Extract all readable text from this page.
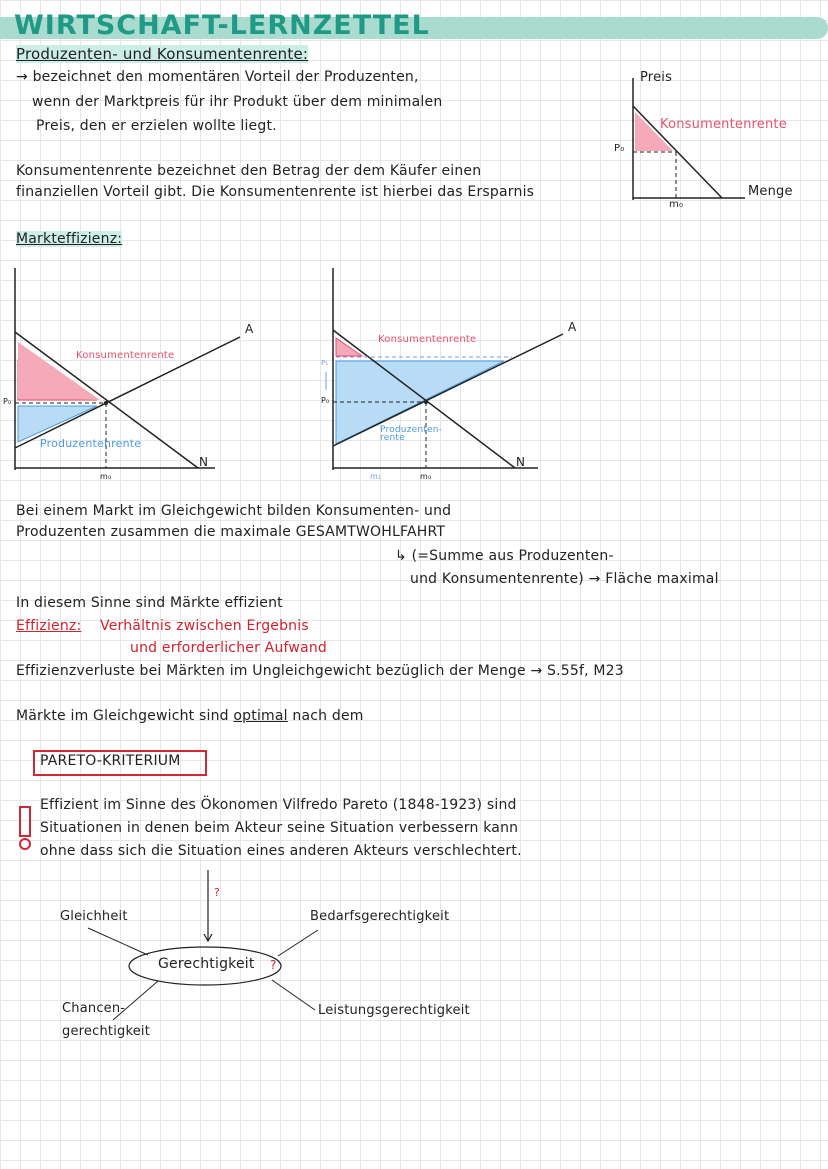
WIRTSCHAFT-LERNZETTEL
Produzenten- und Konsumentenrente:
→ bezeichnet den momentären Vorteil der Produzenten,
wenn der Marktpreis für ihr Produkt über dem minimalen
Preis, den er erzielen wollte liegt.
Konsumentenrente bezeichnet den Betrag der dem Käufer einen
finanziellen Vorteil gibt. Die Konsumentenrente ist hierbei das Ersparnis
Preis
Konsumentenrente
P₀
m₀
Menge
Markteffizienz:
Konsumentenrente
Produzentenrente
A
N
P₀
m₀
Konsumentenrente
Produzenten-
rente
A
N
P₀
P₁
m₀
m₁
Bei einem Markt im Gleichgewicht bilden Konsumenten- und
Produzenten zusammen die maximale GESAMTWOHLFAHRT
↳ (=Summe aus Produzenten-
und Konsumentenrente) → Fläche maximal
In diesem Sinne sind Märkte effizient
Effizienz: Verhältnis zwischen Ergebnis
und erforderlicher Aufwand
Effizienzverluste bei Märkten im Ungleichgewicht bezüglich der Menge → S.55f, M23
Märkte im Gleichgewicht sind optimal nach dem
PARETO-KRITERIUM
Effizient im Sinne des Ökonomen Vilfredo Pareto (1848-1923) sind
Situationen in denen beim Akteur seine Situation verbessern kann
ohne dass sich die Situation eines anderen Akteurs verschlechtert.
?
Gerechtigkeit ?
Gleichheit	Bedarfsgerechtigkeit
Chancen-
gerechtigkeit
Leistungsgerechtigkeit
